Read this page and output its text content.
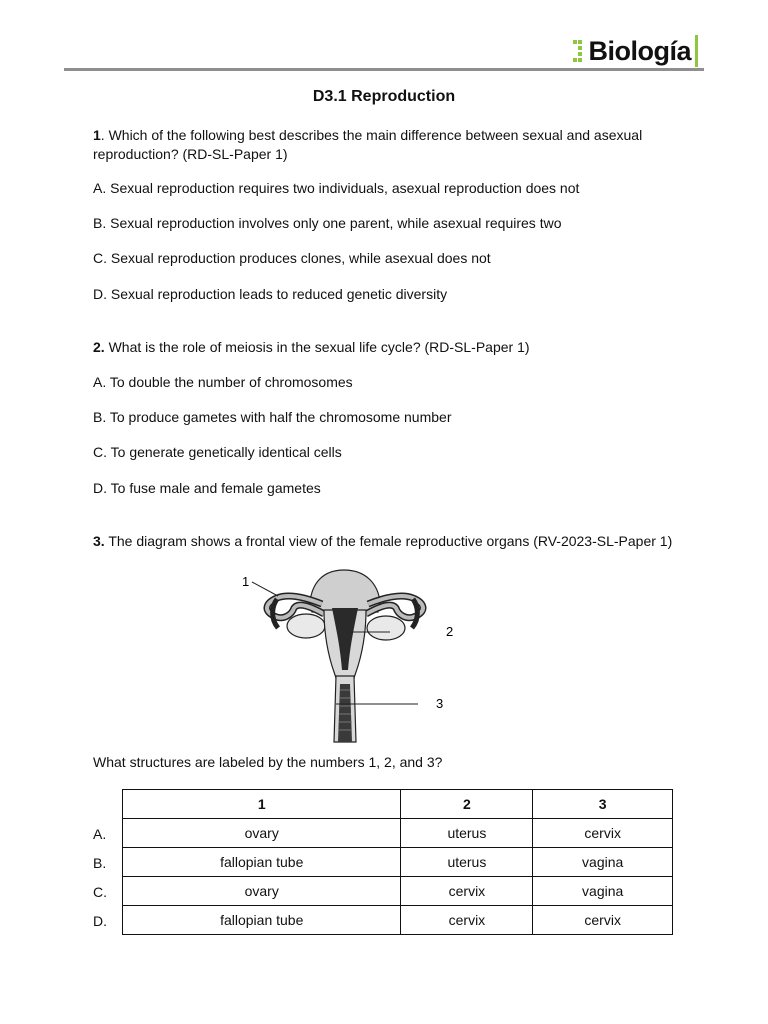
Biología
D3.1 Reproduction
1. Which of the following best describes the main difference between sexual and asexual reproduction? (RD-SL-Paper 1)
A. Sexual reproduction requires two individuals, asexual reproduction does not
B. Sexual reproduction involves only one parent, while asexual requires two
C. Sexual reproduction produces clones, while asexual does not
D. Sexual reproduction leads to reduced genetic diversity
2. What is the role of meiosis in the sexual life cycle? (RD-SL-Paper 1)
A. To double the number of chromosomes
B. To produce gametes with half the chromosome number
C. To generate genetically identical cells
D. To fuse male and female gametes
3. The diagram shows a frontal view of the female reproductive organs (RV-2023-SL-Paper 1)
1
2
3
What structures are labeled by the numbers 1, 2, and 3?
A.
B.
C.
D.
1	2	3
ovary	uterus	cervix
fallopian tube	uterus	vagina
ovary	cervix	vagina
fallopian tube	cervix	cervix
